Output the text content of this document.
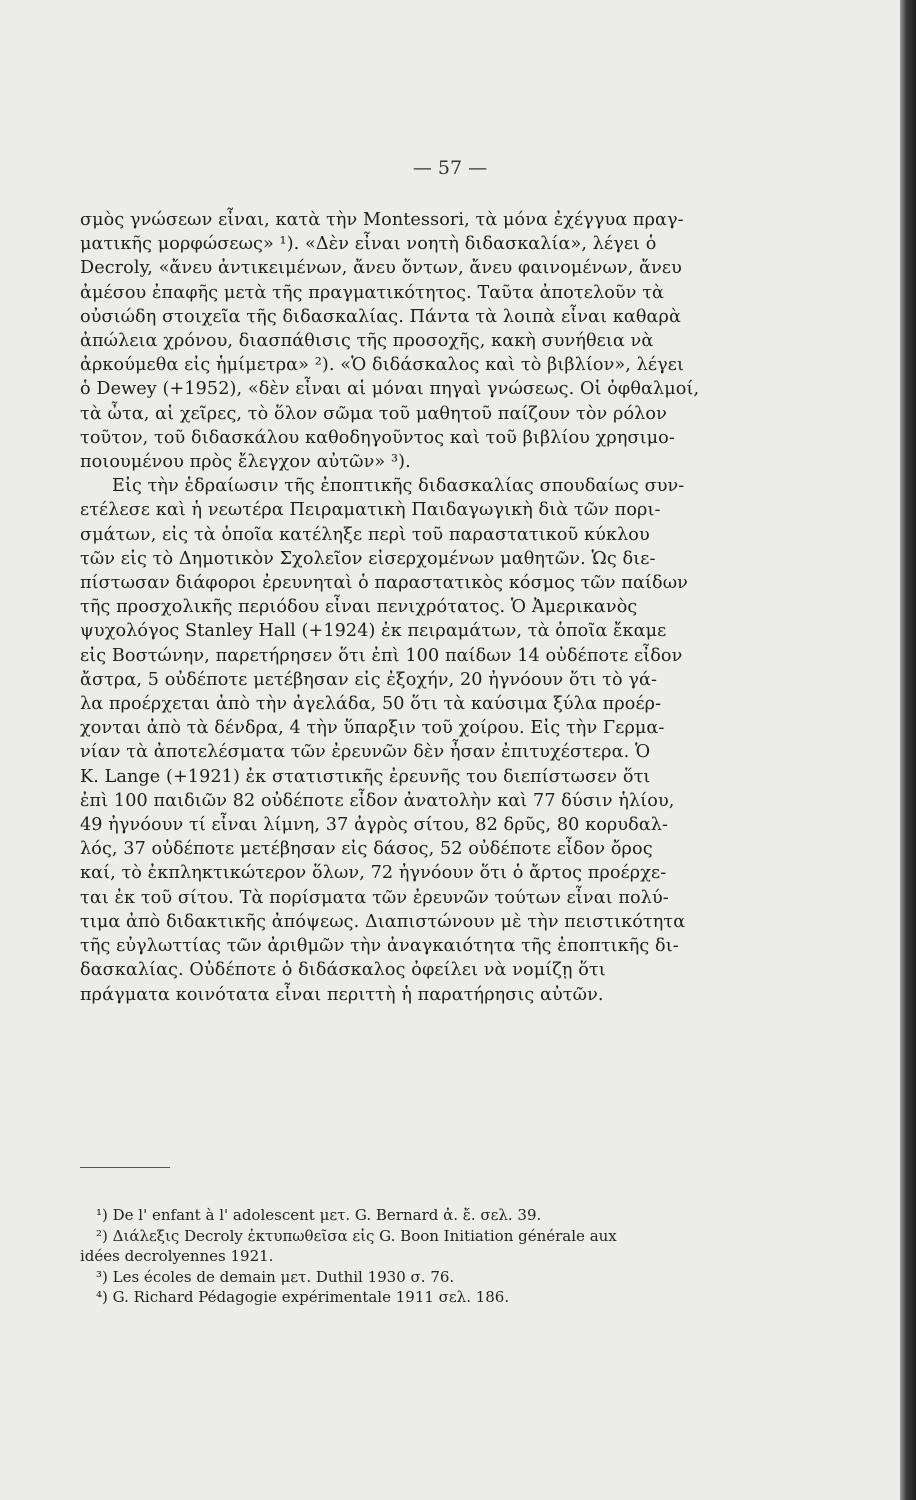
— 57 —
σμὸς γνώσεων εἶναι, κατὰ τὴν Montessori, τὰ μόνα ἐχέγγυα πραγ-
ματικῆς μορφώσεως» ¹). «Δὲν εἶναι νοητὴ διδασκαλία», λέγει ὁ
Decroly, «ἄνευ ἀντικειμένων, ἄνευ ὄντων, ἄνευ φαινομένων, ἄνευ
ἀμέσου ἐπαφῆς μετὰ τῆς πραγματικότητος. Ταῦτα ἀποτελοῦν τὰ
οὐσιώδη στοιχεῖα τῆς διδασκαλίας. Πάντα τὰ λοιπὰ εἶναι καθαρὰ
ἀπώλεια χρόνου, διασπάθισις τῆς προσοχῆς, κακὴ συνήθεια νὰ
ἀρκούμεθα εἰς ἡμίμετρα» ²). «Ὁ διδάσκαλος καὶ τὸ βιβλίον», λέγει
ὁ Dewey (+1952), «δὲν εἶναι αἱ μόναι πηγαὶ γνώσεως. Οἱ ὀφθαλμοί,
τὰ ὦτα, αἱ χεῖρες, τὸ ὅλον σῶμα τοῦ μαθητοῦ παίζουν τὸν ρόλον
τοῦτον, τοῦ διδασκάλου καθοδηγοῦντος καὶ τοῦ βιβλίου χρησιμο-
ποιουμένου πρὸς ἔλεγχον αὐτῶν» ³).
Εἰς τὴν ἑδραίωσιν τῆς ἐποπτικῆς διδασκαλίας σπουδαίως συν-
ετέλεσε καὶ ἡ νεωτέρα Πειραματικὴ Παιδαγωγικὴ διὰ τῶν πορι-
σμάτων, εἰς τὰ ὁποῖα κατέληξε περὶ τοῦ παραστατικοῦ κύκλου
τῶν εἰς τὸ Δημοτικὸν Σχολεῖον εἰσερχομένων μαθητῶν. Ὡς διε-
πίστωσαν διάφοροι ἐρευνηταὶ ὁ παραστατικὸς κόσμος τῶν παίδων
τῆς προσχολικῆς περιόδου εἶναι πενιχρότατος. Ὁ Ἀμερικανὸς
ψυχολόγος Stanley Hall (+1924) ἐκ πειραμάτων, τὰ ὁποῖα ἔκαμε
εἰς Βοστώνην, παρετήρησεν ὅτι ἐπὶ 100 παίδων 14 οὐδέποτε εἶδον
ἄστρα, 5 οὐδέποτε μετέβησαν εἰς ἐξοχήν, 20 ἠγνόουν ὅτι τὸ γά-
λα προέρχεται ἀπὸ τὴν ἀγελάδα, 50 ὅτι τὰ καύσιμα ξύλα προέρ-
χονται ἀπὸ τὰ δένδρα, 4 τὴν ὕπαρξιν τοῦ χοίρου. Εἰς τὴν Γερμα-
νίαν τὰ ἀποτελέσματα τῶν ἐρευνῶν δὲν ἦσαν ἐπιτυχέστερα. Ὁ
K. Lange (+1921) ἐκ στατιστικῆς ἐρευνῆς του διεπίστωσεν ὅτι
ἐπὶ 100 παιδιῶν 82 οὐδέποτε εἶδον ἀνατολὴν καὶ 77 δύσιν ἡλίου,
49 ἠγνόουν τί εἶναι λίμνη, 37 ἀγρὸς σίτου, 82 δρῦς, 80 κορυδαλ-
λός, 37 οὐδέποτε μετέβησαν εἰς δάσος, 52 οὐδέποτε εἶδον ὄρος
καί, τὸ ἐκπληκτικώτερον ὅλων, 72 ἠγνόουν ὅτι ὁ ἄρτος προέρχε-
ται ἐκ τοῦ σίτου. Τὰ πορίσματα τῶν ἐρευνῶν τούτων εἶναι πολύ-
τιμα ἀπὸ διδακτικῆς ἀπόψεως. Διαπιστώνουν μὲ τὴν πειστικότητα
τῆς εὐγλωττίας τῶν ἀριθμῶν τὴν ἀναγκαιότητα τῆς ἐποπτικῆς δι-
δασκαλίας. Οὐδέποτε ὁ διδάσκαλος ὀφείλει νὰ νομίζῃ ὅτι
πράγματα κοινότατα εἶναι περιττὴ ἡ παρατήρησις αὐτῶν.
¹) De l' enfant à l' adolescent μετ. G. Bernard ἀ. ἔ. σελ. 39.
²) Διάλεξις Decroly ἐκτυπωθεῖσα εἰς G. Boon Initiation générale aux
idées decrolyennes 1921.
³) Les écoles de demain μετ. Duthil 1930 σ. 76.
⁴) G. Richard Pédagogie expérimentale 1911 σελ. 186.
